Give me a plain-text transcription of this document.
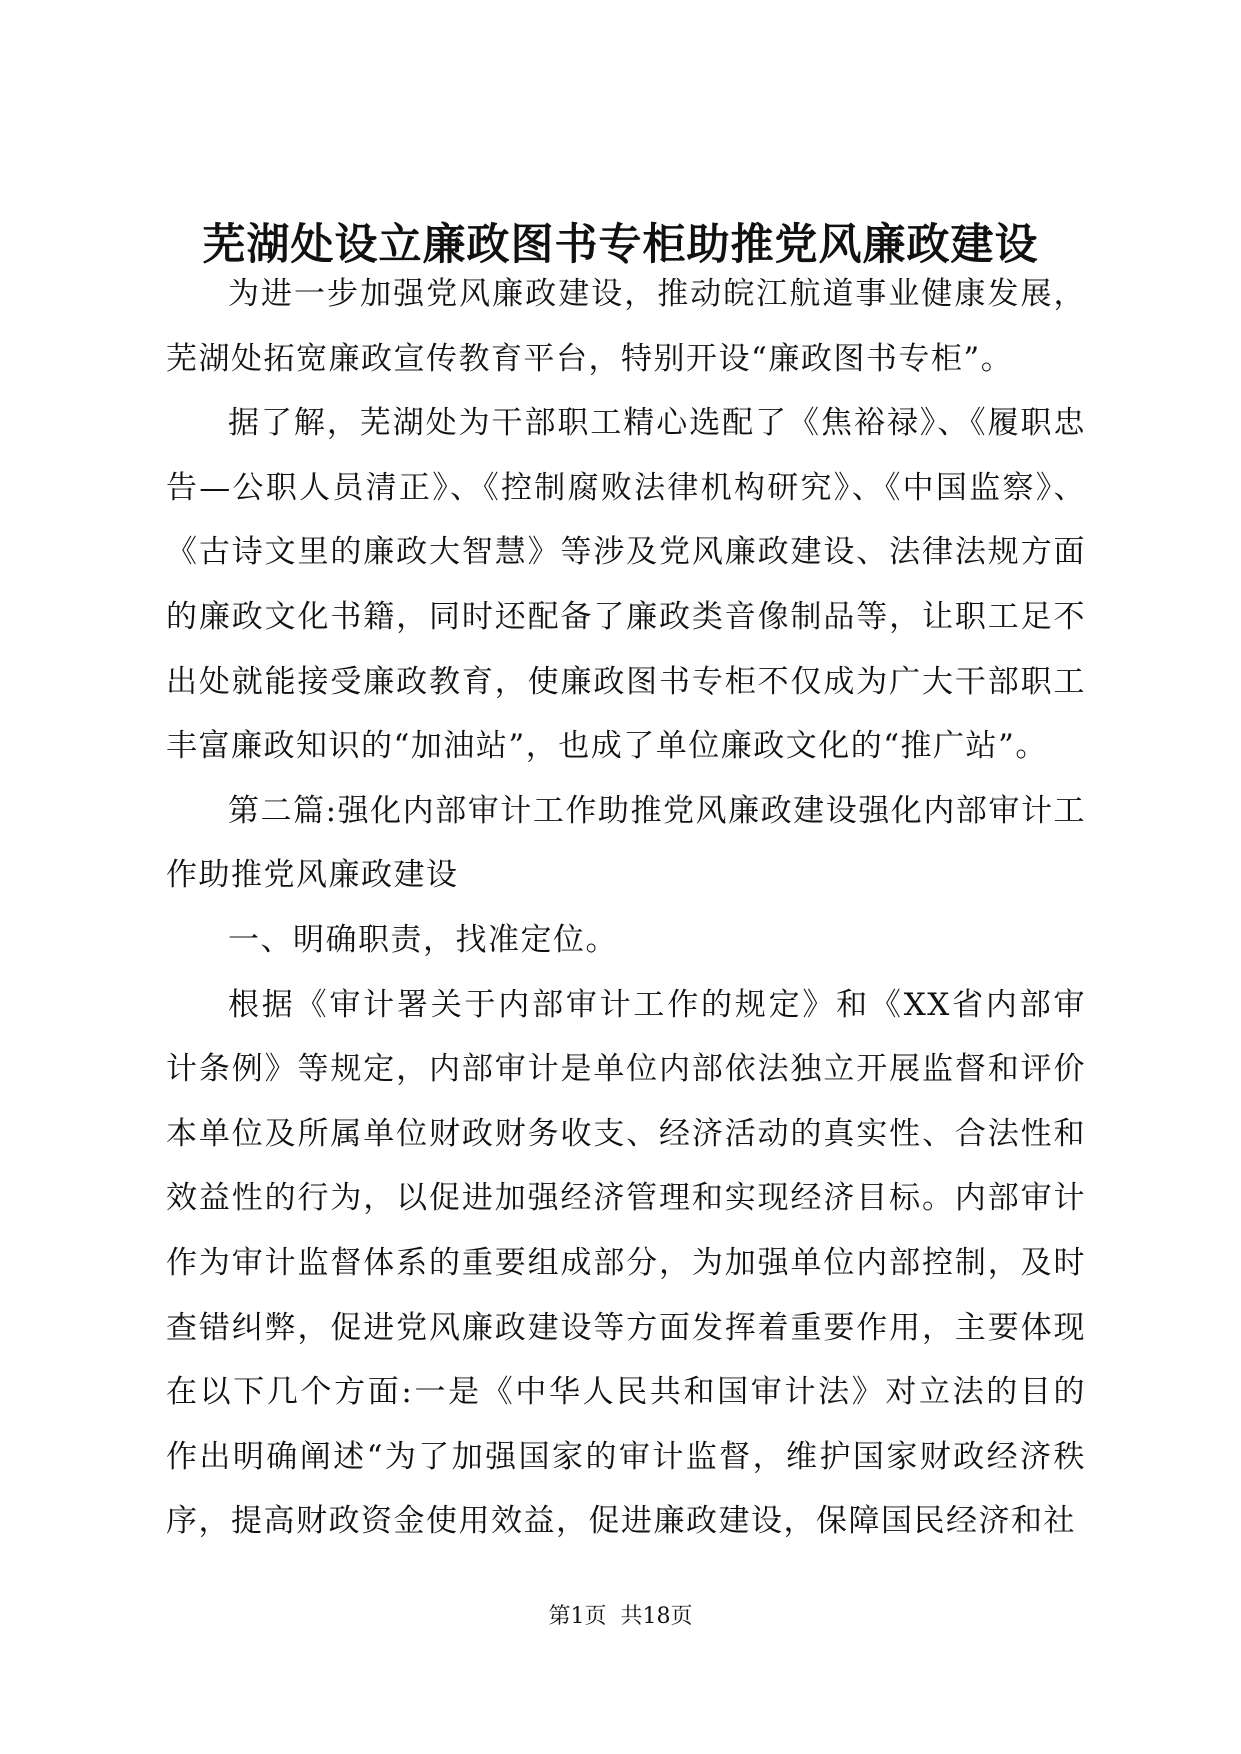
芜湖处设立廉政图书专柜助推党风廉政建设

为进一步加强党风廉政建设，推动皖江航道事业健康发展，芜湖处拓宽廉政宣传教育平台，特别开设“廉政图书专柜”。

据了解，芜湖处为干部职工精心选配了《焦裕禄》、《履职忠告—公职人员清正》、《控制腐败法律机构研究》、《中国监察》、《古诗文里的廉政大智慧》等涉及党风廉政建设、法律法规方面的廉政文化书籍，同时还配备了廉政类音像制品等，让职工足不出处就能接受廉政教育，使廉政图书专柜不仅成为广大干部职工丰富廉政知识的“加油站”，也成了单位廉政文化的“推广站”。

第二篇:强化内部审计工作助推党风廉政建设强化内部审计工作助推党风廉政建设

一、明确职责，找准定位。

根据《审计署关于内部审计工作的规定》和《XX省内部审计条例》等规定，内部审计是单位内部依法独立开展监督和评价本单位及所属单位财政财务收支、经济活动的真实性、合法性和效益性的行为，以促进加强经济管理和实现经济目标。内部审计作为审计监督体系的重要组成部分，为加强单位内部控制，及时查错纠弊，促进党风廉政建设等方面发挥着重要作用，主要体现在以下几个方面:一是《中华人民共和国审计法》对立法的目的作出明确阐述“为了加强国家的审计监督，维护国家财政经济秩序，提高财政资金使用效益，促进廉政建设，保障国民经济和社

第1页 共18页
